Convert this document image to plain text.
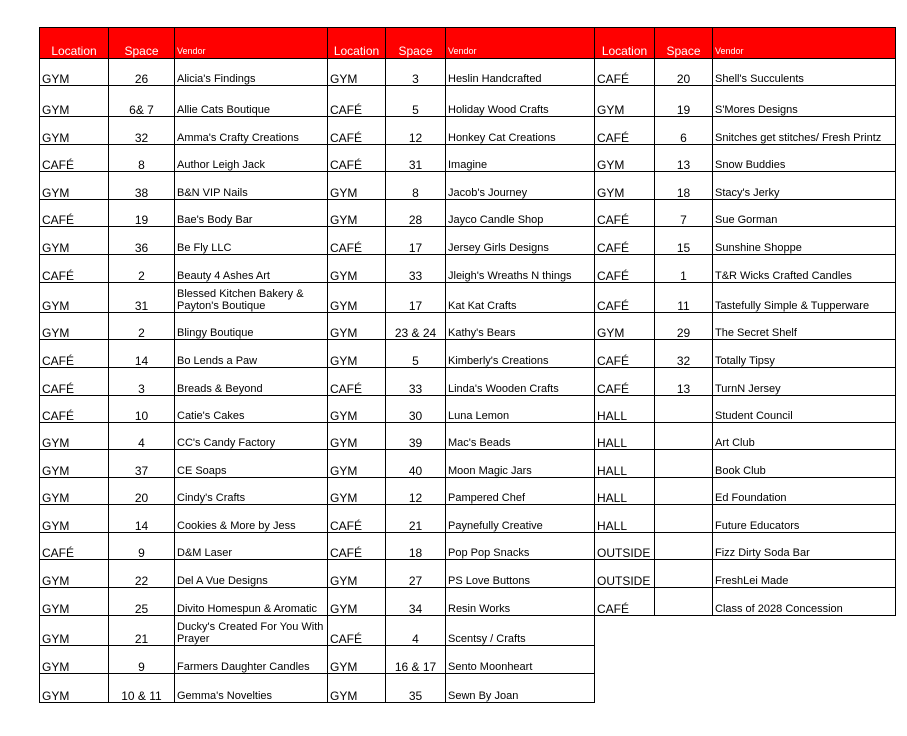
Location	Space	Vendor	Location	Space	Vendor	Location	Space	Vendor
GYM	26	Alicia's Findings	GYM	3	Heslin Handcrafted	CAFÉ	20	Shell's Succulents
GYM	6& 7	Allie Cats Boutique	CAFÉ	5	Holiday Wood Crafts	GYM	19	S'Mores Designs
GYM	32	Amma's Crafty Creations	CAFÉ	12	Honkey Cat Creations	CAFÉ	6	Snitches get stitches/ Fresh Printz
CAFÉ	8	Author Leigh Jack	CAFÉ	31	Imagine	GYM	13	Snow Buddies
GYM	38	B&N VIP Nails	GYM	8	Jacob's Journey	GYM	18	Stacy's Jerky
CAFÉ	19	Bae's Body Bar	GYM	28	Jayco Candle Shop	CAFÉ	7	Sue Gorman
GYM	36	Be Fly LLC	CAFÉ	17	Jersey Girls Designs	CAFÉ	15	Sunshine Shoppe
CAFÉ	2	Beauty 4 Ashes Art	GYM	33	Jleigh's Wreaths N things	CAFÉ	1	T&R Wicks Crafted Candles
GYM	31	Blessed Kitchen Bakery & Payton's Boutique	GYM	17	Kat Kat Crafts	CAFÉ	11	Tastefully Simple & Tupperware
GYM	2	Blingy Boutique	GYM	23 & 24	Kathy's Bears	GYM	29	The Secret Shelf
CAFÉ	14	Bo Lends a Paw	GYM	5	Kimberly's Creations	CAFÉ	32	Totally Tipsy
CAFÉ	3	Breads & Beyond	CAFÉ	33	Linda's Wooden Crafts	CAFÉ	13	TurnN Jersey
CAFÉ	10	Catie's Cakes	GYM	30	Luna Lemon	HALL		Student Council
GYM	4	CC's Candy Factory	GYM	39	Mac's Beads	HALL		Art Club
GYM	37	CE Soaps	GYM	40	Moon Magic Jars	HALL		Book Club
GYM	20	Cindy's Crafts	GYM	12	Pampered Chef	HALL		Ed Foundation
GYM	14	Cookies & More by Jess	CAFÉ	21	Paynefully Creative	HALL		Future Educators
CAFÉ	9	D&M Laser	CAFÉ	18	Pop Pop Snacks	OUTSIDE		Fizz Dirty Soda Bar
GYM	22	Del A Vue Designs	GYM	27	PS Love Buttons	OUTSIDE		FreshLei Made
GYM	25	Divito Homespun & Aromatic	GYM	34	Resin Works	CAFÉ		Class of 2028 Concession
GYM	21	Ducky's Created For You With Prayer	CAFÉ	4	Scentsy / Crafts			
GYM	9	Farmers Daughter Candles	GYM	16 & 17	Sento Moonheart			
GYM	10 & 11	Gemma's Novelties	GYM	35	Sewn By Joan			
